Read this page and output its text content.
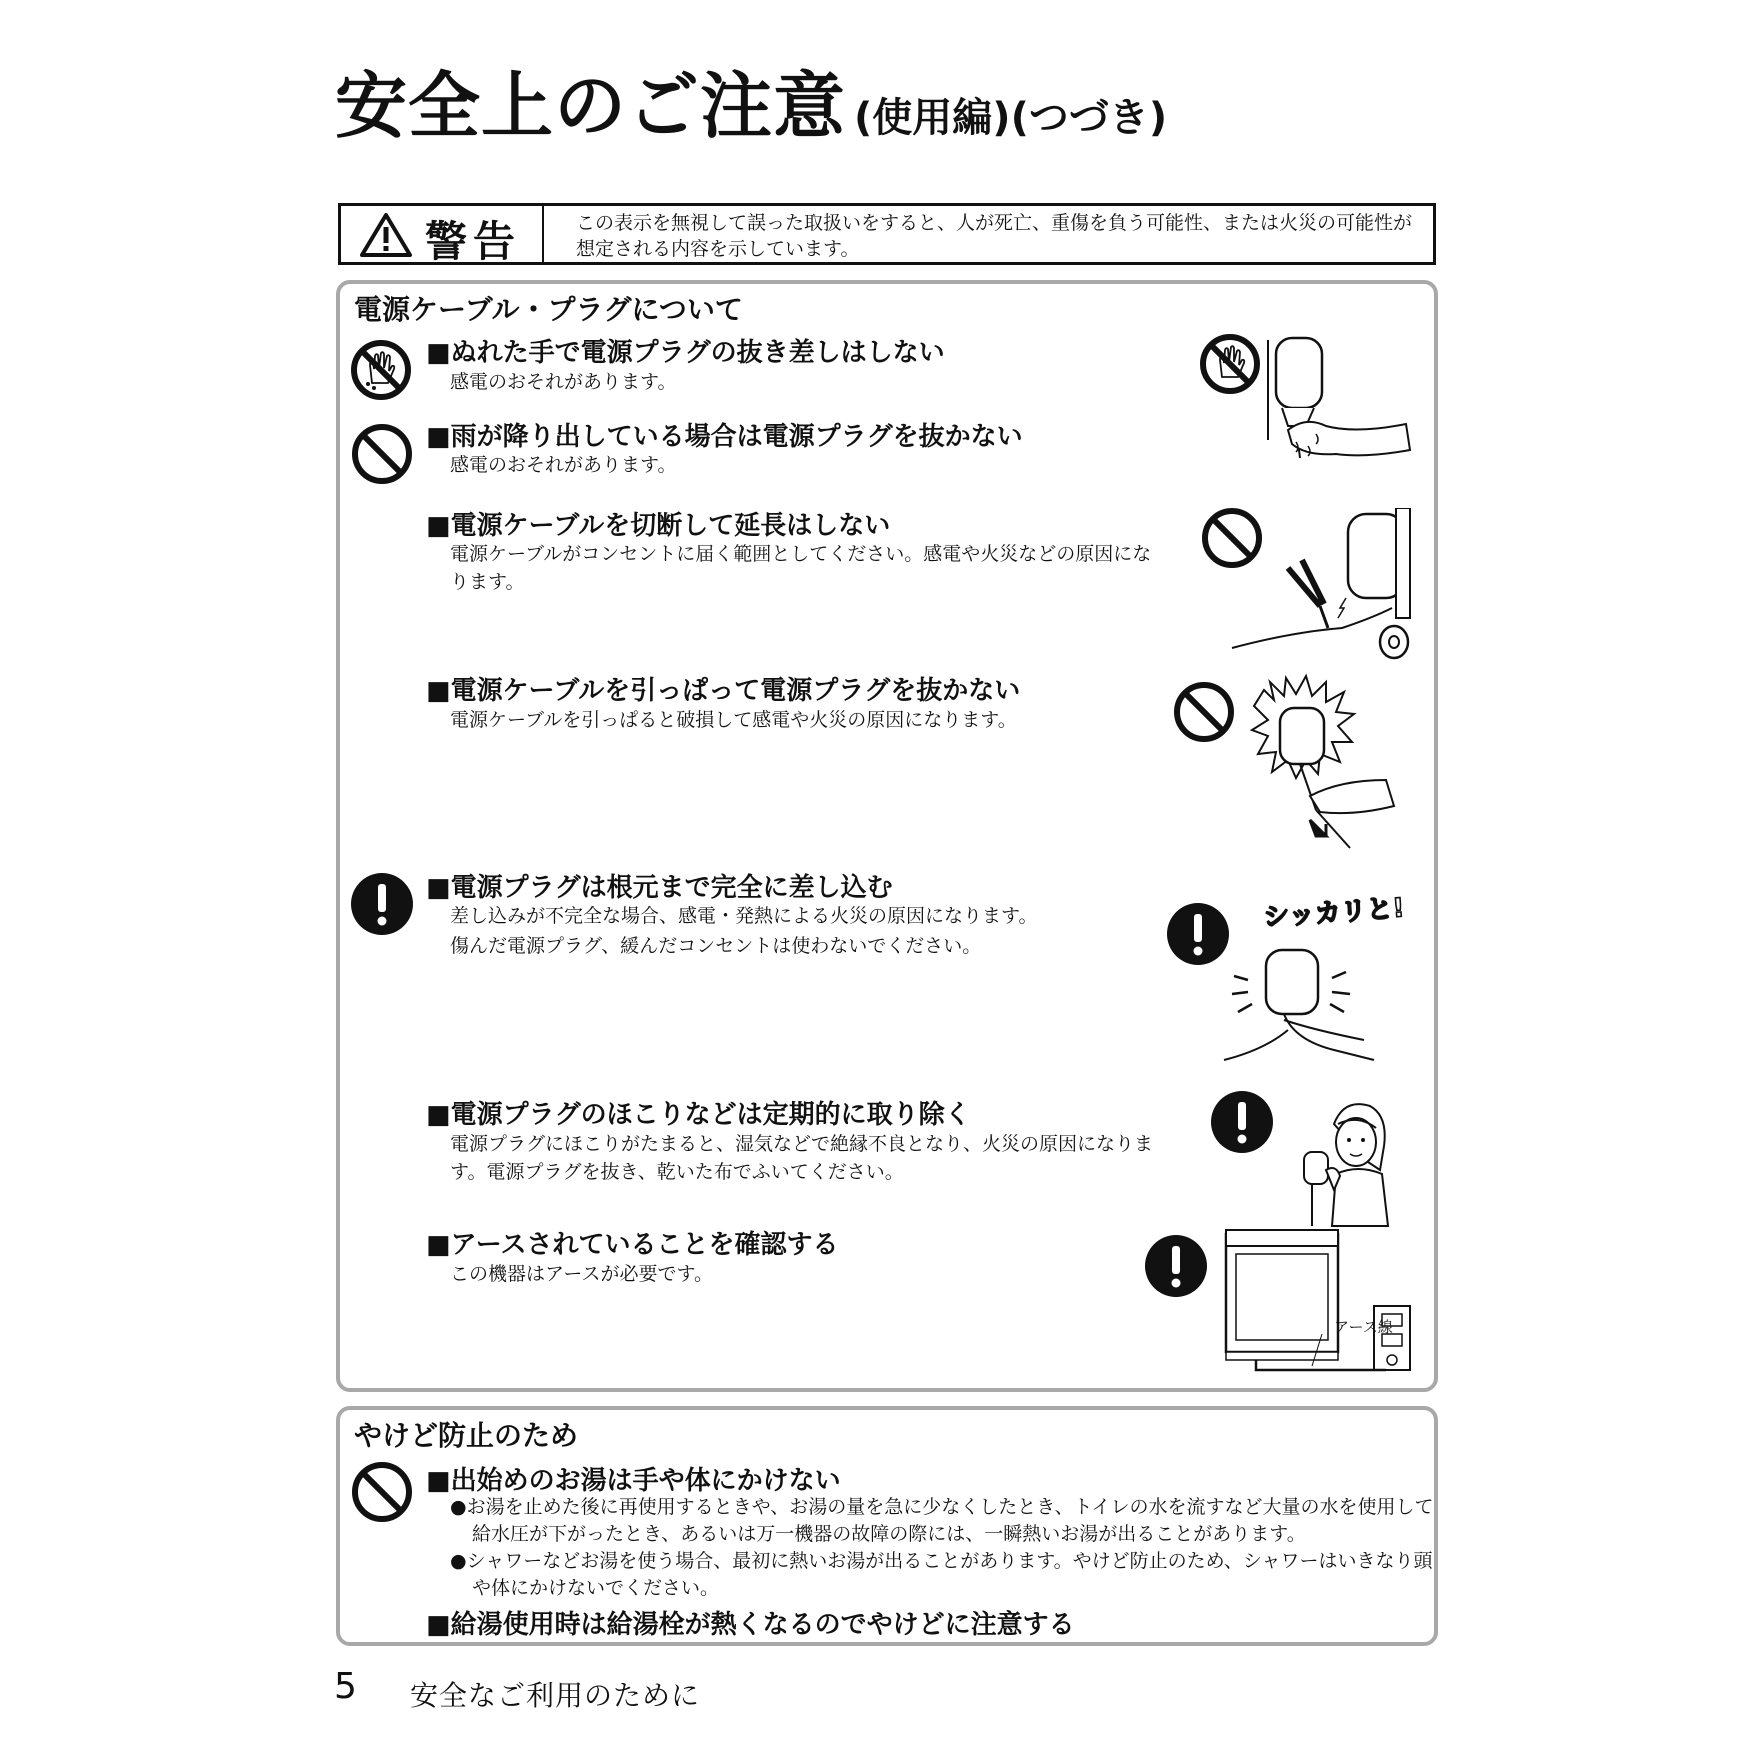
安全上のご注意 (使用編)(つづき)
警告	この表示を無視して誤った取扱いをすると、人が死亡、重傷を負う可能性、または火災の可能性が想定される内容を示しています。
電源ケーブル・プラグについて
■ぬれた手で電源プラグの抜き差しはしない
感電のおそれがあります。
■雨が降り出している場合は電源プラグを抜かない
感電のおそれがあります。
■電源ケーブルを切断して延長はしない
電源ケーブルがコンセントに届く範囲としてください。感電や火災などの原因になります。
■電源ケーブルを引っぱって電源プラグを抜かない
電源ケーブルを引っぱると破損して感電や火災の原因になります。
■電源プラグは根元まで完全に差し込む
差し込みが不完全な場合、感電・発熱による火災の原因になります。
傷んだ電源プラグ、緩んだコンセントは使わないでください。
■電源プラグのほこりなどは定期的に取り除く
電源プラグにほこりがたまると、湿気などで絶縁不良となり、火災の原因になります。電源プラグを抜き、乾いた布でふいてください。
■アースされていることを確認する
この機器はアースが必要です。
シッカリと!
アース線
やけど防止のため
■出始めのお湯は手や体にかけない
●お湯を止めた後に再使用するときや、お湯の量を急に少なくしたとき、トイレの水を流すなど大量の水を使用して給水圧が下がったとき、あるいは万一機器の故障の際には、一瞬熱いお湯が出ることがあります。
●シャワーなどお湯を使う場合、最初に熱いお湯が出ることがあります。やけど防止のため、シャワーはいきなり頭や体にかけないでください。
■給湯使用時は給湯栓が熱くなるのでやけどに注意する
5 安全なご利用のために
